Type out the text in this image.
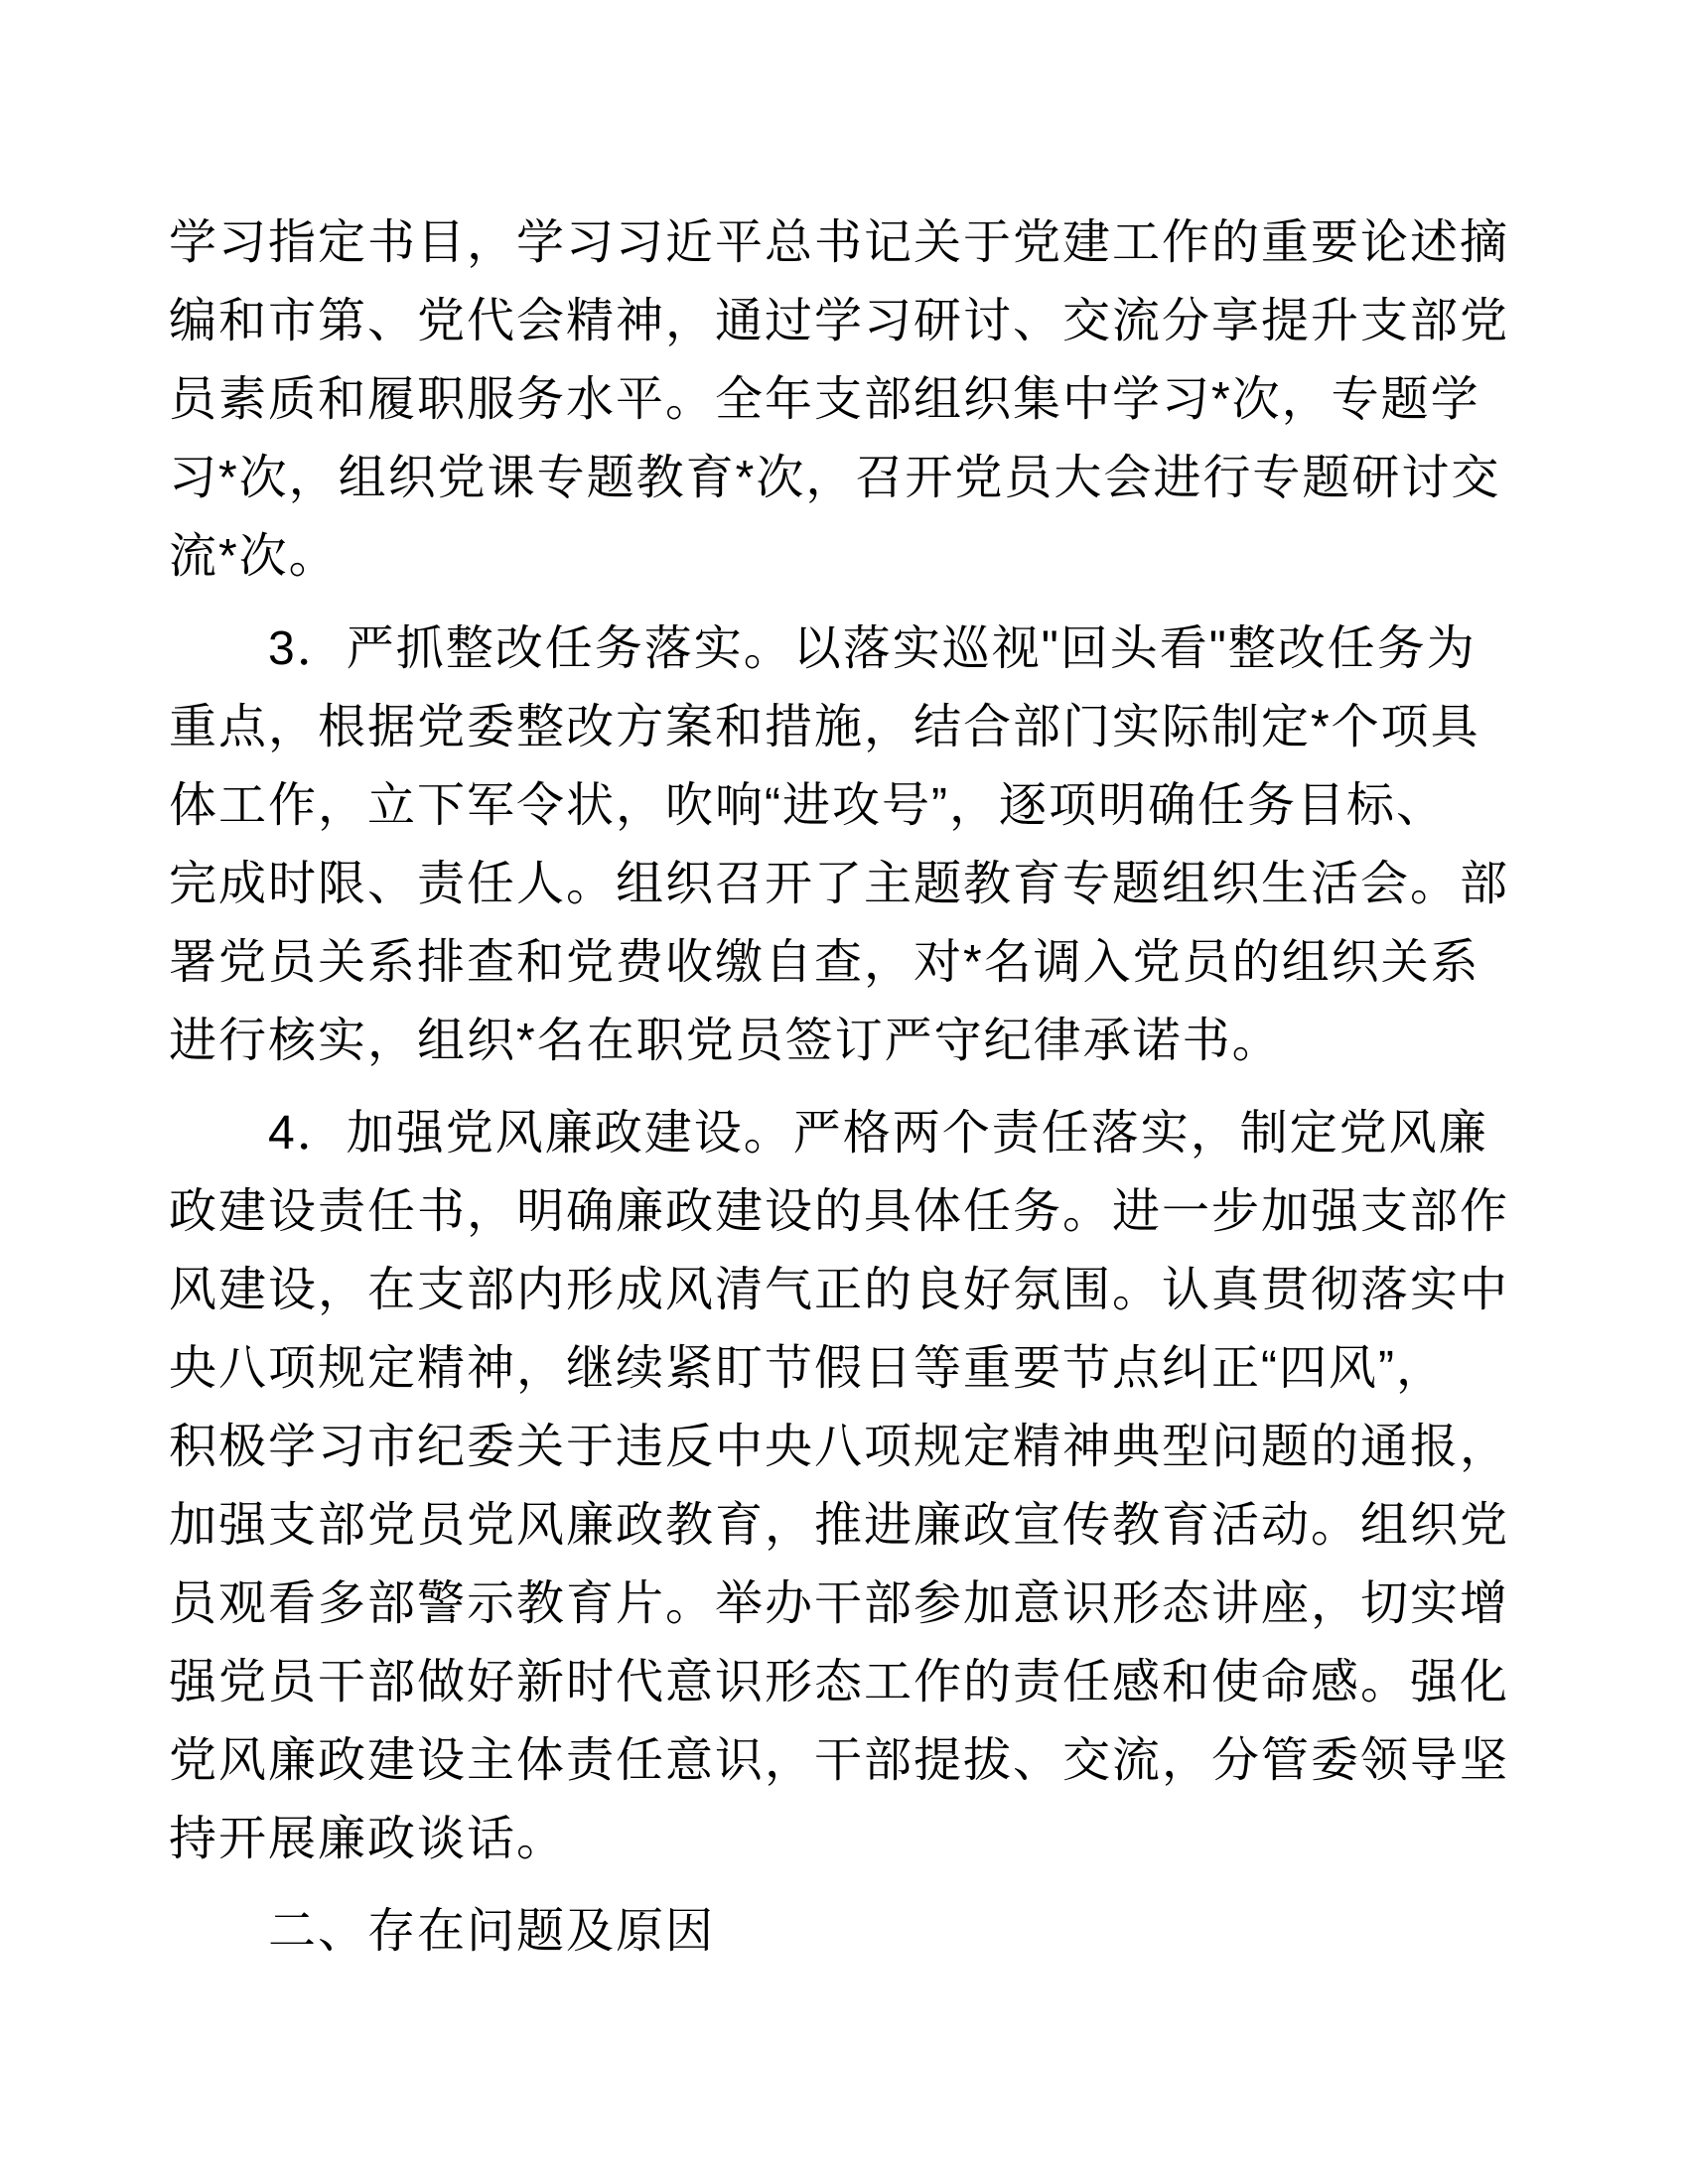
学习指定书目，学习习近平总书记关于党建工作的重要论述摘
编和市第、党代会精神，通过学习研讨、交流分享提升支部党
员素质和履职服务水平。全年支部组织集中学习*次，专题学
习*次，组织党课专题教育*次，召开党员大会进行专题研讨交
流*次。

3．严抓整改任务落实。以落实巡视"回头看"整改任务为
重点，根据党委整改方案和措施，结合部门实际制定*个项具
体工作，立下军令状，吹响“进攻号”，逐项明确任务目标、
完成时限、责任人。组织召开了主题教育专题组织生活会。部
署党员关系排查和党费收缴自查，对*名调入党员的组织关系
进行核实，组织*名在职党员签订严守纪律承诺书。

4．加强党风廉政建设。严格两个责任落实，制定党风廉
政建设责任书，明确廉政建设的具体任务。进一步加强支部作
风建设，在支部内形成风清气正的良好氛围。认真贯彻落实中
央八项规定精神，继续紧盯节假日等重要节点纠正“四风”，
积极学习市纪委关于违反中央八项规定精神典型问题的通报，
加强支部党员党风廉政教育，推进廉政宣传教育活动。组织党
员观看多部警示教育片。举办干部参加意识形态讲座，切实增
强党员干部做好新时代意识形态工作的责任感和使命感。强化
党风廉政建设主体责任意识，干部提拔、交流，分管委领导坚
持开展廉政谈话。

二、存在问题及原因
